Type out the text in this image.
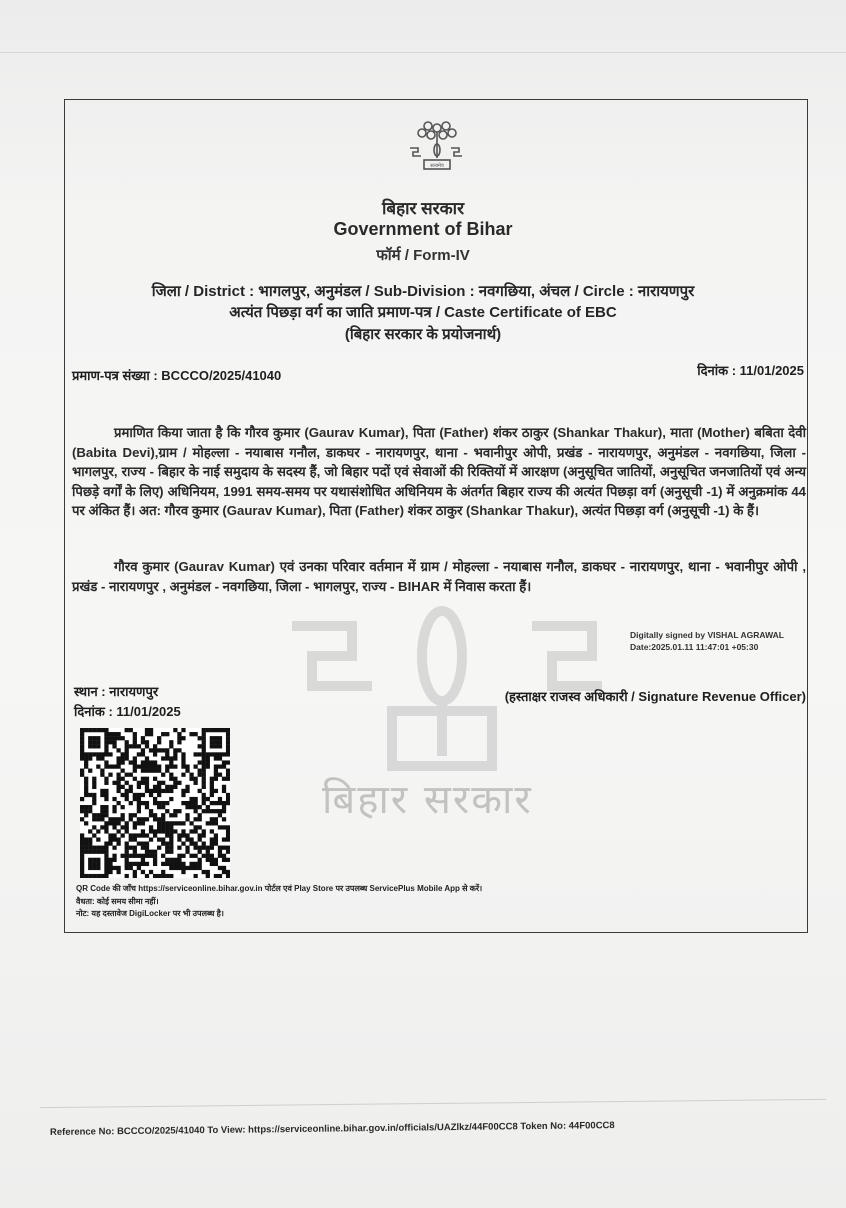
बिहार सरकार
सत्यमेव
बिहार सरकार
Government of Bihar
फॉर्म / Form-IV
जिला / District : भागलपुर, अनुमंडल / Sub-Division : नवगछिया, अंचल / Circle : नारायणपुर
अत्यंत पिछड़ा वर्ग का जाति प्रमाण-पत्र / Caste Certificate of EBC
(बिहार सरकार के प्रयोजनार्थ)
प्रमाण-पत्र संख्या : BCCCO/2025/41040	दिनांक : 11/01/2025

प्रमाणित किया जाता है कि गौरव कुमार (Gaurav Kumar), पिता (Father) शंकर ठाकुर (Shankar Thakur), माता (Mother) बबिता देवी (Babita Devi),ग्राम / मोहल्ला - नयाबास गनौल, डाकघर - नारायणपुर, थाना - भवानीपुर ओपी, प्रखंड - नारायणपुर, अनुमंडल - नवगछिया, जिला - भागलपुर, राज्य - बिहार के नाई समुदाय के सदस्य हैं, जो बिहार पदों एवं सेवाओं की रिक्तियों में आरक्षण (अनुसूचित जातियों, अनुसूचित जनजातियों एवं अन्य पिछड़े वर्गों के लिए) अधिनियम, 1991 समय-समय पर यथासंशोधित अधिनियम के अंतर्गत बिहार राज्य की अत्यंत पिछड़ा वर्ग (अनुसूची -1) में अनुक्रमांक 44 पर अंकित हैं। अत: गौरव कुमार (Gaurav Kumar), पिता (Father) शंकर ठाकुर (Shankar Thakur), अत्यंत पिछड़ा वर्ग (अनुसूची -1) के हैं।

गौरव कुमार (Gaurav Kumar) एवं उनका परिवार वर्तमान में ग्राम / मोहल्ला - नयाबास गनौल, डाकघर - नारायणपुर, थाना - भवानीपुर ओपी , प्रखंड - नारायणपुर , अनुमंडल - नवगछिया, जिला - भागलपुर, राज्य - BIHAR में निवास करता हैं।

Digitally signed by VISHAL AGRAWAL
Date:2025.01.11 11:47:01 +05:30
स्थान : नारायणपुर
दिनांक : 11/01/2025
(हस्ताक्षर राजस्व अधिकारी / Signature Revenue Officer)
QR Code की जाँच https://serviceonline.bihar.gov.in पोर्टल एवं Play Store पर उपलब्ध ServicePlus Mobile App से करें।
वैधता: कोई समय सीमा नहीं।
नोट: यह दस्तावेज DigiLocker पर भी उपलब्ध है।
Reference No: BCCCO/2025/41040 To View: https://serviceonline.bihar.gov.in/officials/UAZlkz/44F00CC8 Token No: 44F00CC8
